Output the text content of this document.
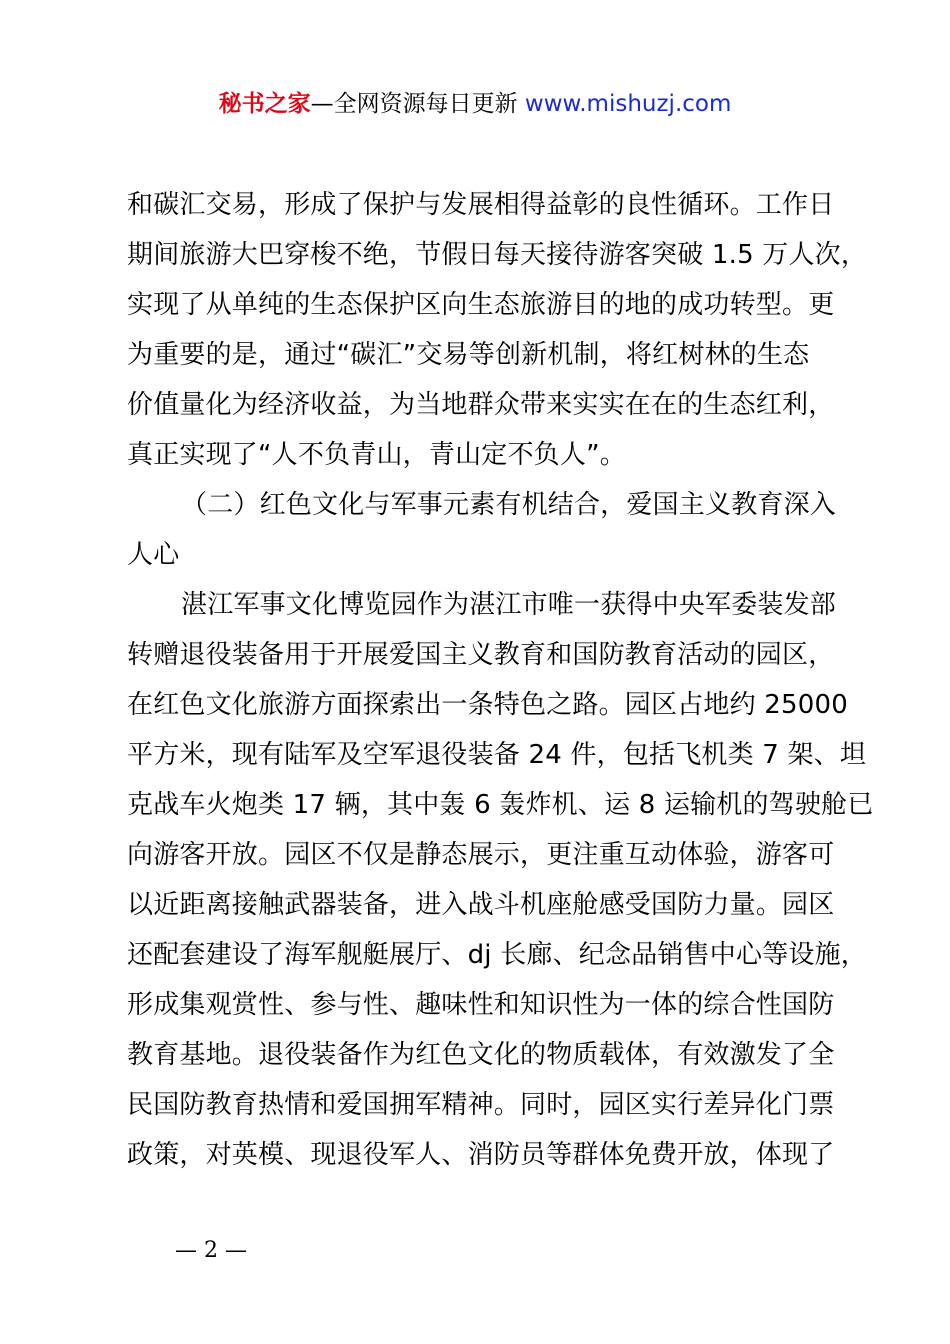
秘书之家—全网资源每日更新 www.mishuzj.com
和碳汇交易，形成了保护与发展相得益彰的良性循环。工作日
期间旅游大巴穿梭不绝，节假日每天接待游客突破 1.5 万人次，
实现了从单纯的生态保护区向生态旅游目的地的成功转型。更
为重要的是，通过“碳汇”交易等创新机制，将红树林的生态
价值量化为经济收益，为当地群众带来实实在在的生态红利，
真正实现了“人不负青山，青山定不负人”。
（二）红色文化与军事元素有机结合，爱国主义教育深入
人心
湛江军事文化博览园作为湛江市唯一获得中央军委装发部
转赠退役装备用于开展爱国主义教育和国防教育活动的园区，
在红色文化旅游方面探索出一条特色之路。园区占地约 25000
平方米，现有陆军及空军退役装备 24 件，包括飞机类 7 架、坦
克战车火炮类 17 辆，其中轰 6 轰炸机、运 8 运输机的驾驶舱已
向游客开放。园区不仅是静态展示，更注重互动体验，游客可
以近距离接触武器装备，进入战斗机座舱感受国防力量。园区
还配套建设了海军舰艇展厅、dj 长廊、纪念品销售中心等设施，
形成集观赏性、参与性、趣味性和知识性为一体的综合性国防
教育基地。退役装备作为红色文化的物质载体，有效激发了全
民国防教育热情和爱国拥军精神。同时，园区实行差异化门票
政策，对英模、现退役军人、消防员等群体免费开放，体现了
— 2 —
